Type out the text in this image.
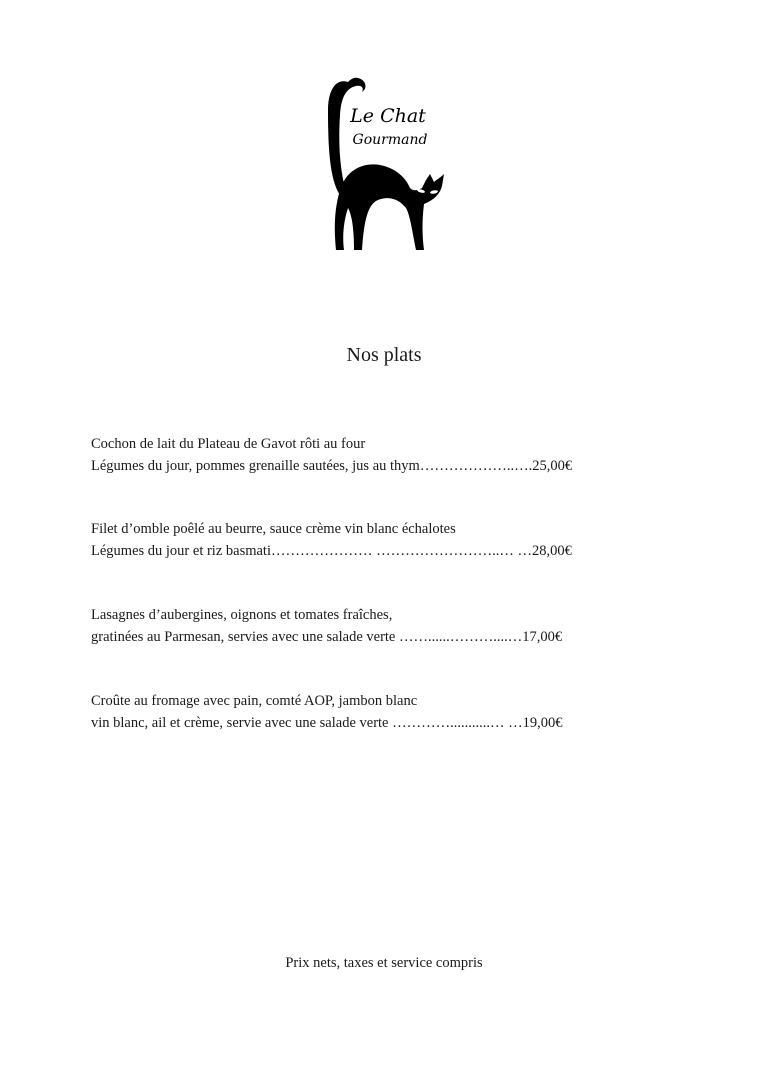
Le Chat
Gourmand
Nos plats
Cochon de lait du Plateau de Gavot rôti au four
Légumes du jour, pommes grenaille sautées, jus au thym………………..….25,00€
Filet d’omble poêlé au beurre, sauce crème vin blanc échalotes
Légumes du jour et riz basmati………………… ……………………..… …28,00€
Lasagnes d’aubergines, oignons et tomates fraîches,
gratinées au Parmesan, servies avec une salade verte ……......………....…17,00€
Croûte au fromage avec pain, comté AOP, jambon blanc
vin blanc, ail et crème, servie avec une salade verte …………...........… …19,00€
Prix nets, taxes et service compris
